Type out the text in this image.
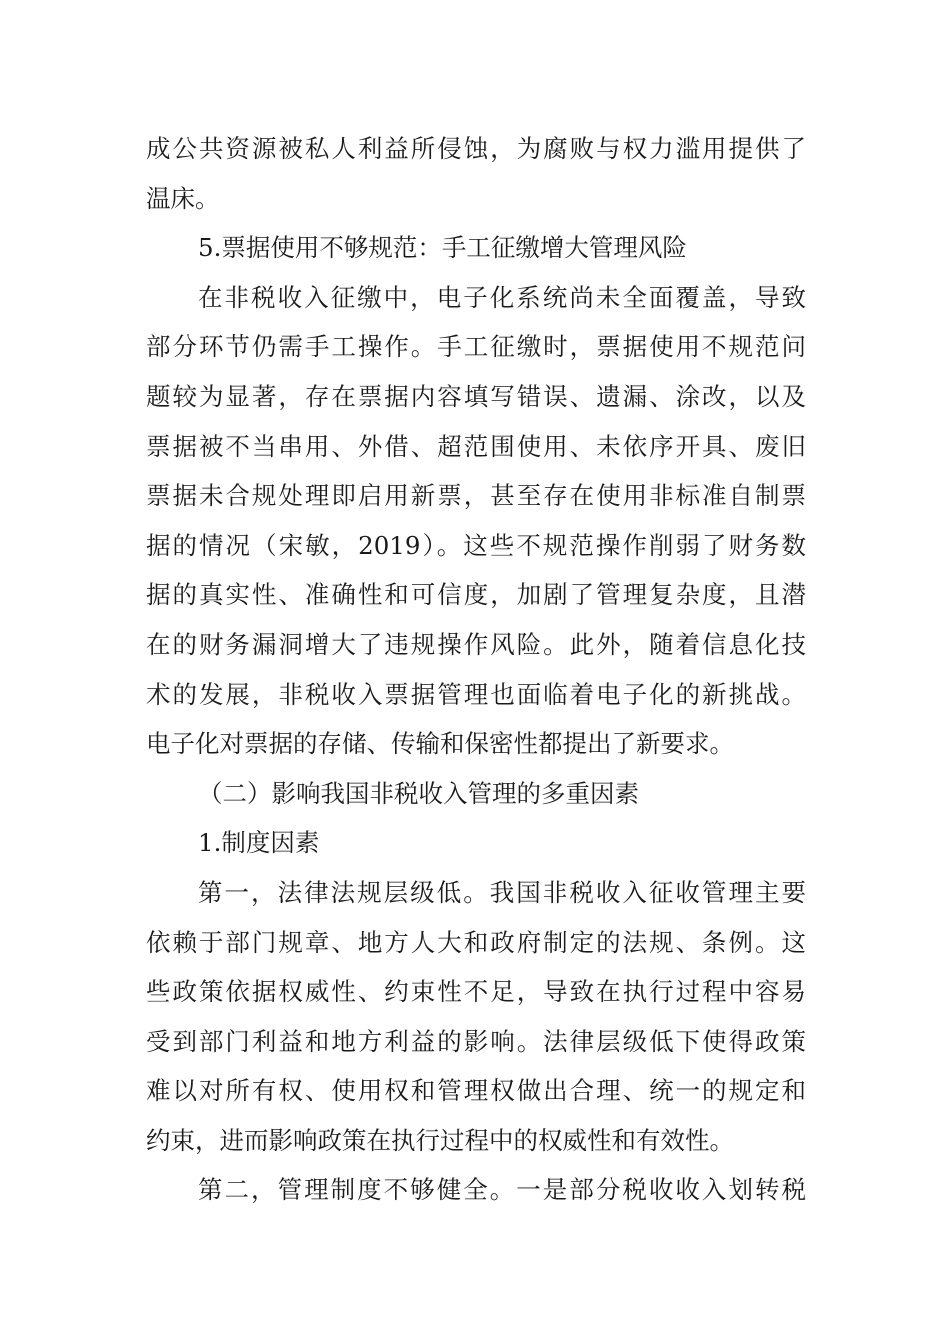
成公共资源被私人利益所侵蚀，为腐败与权力滥用提供了
温床。
5.票据使用不够规范：手工征缴增大管理风险
在非税收入征缴中，电子化系统尚未全面覆盖，导致
部分环节仍需手工操作。手工征缴时，票据使用不规范问
题较为显著，存在票据内容填写错误、遗漏、涂改，以及
票据被不当串用、外借、超范围使用、未依序开具、废旧
票据未合规处理即启用新票，甚至存在使用非标准自制票
据的情况（宋敏，2019）。这些不规范操作削弱了财务数
据的真实性、准确性和可信度，加剧了管理复杂度，且潜
在的财务漏洞增大了违规操作风险。此外，随着信息化技
术的发展，非税收入票据管理也面临着电子化的新挑战。
电子化对票据的存储、传输和保密性都提出了新要求。
（二）影响我国非税收入管理的多重因素
1.制度因素
第一，法律法规层级低。我国非税收入征收管理主要
依赖于部门规章、地方人大和政府制定的法规、条例。这
些政策依据权威性、约束性不足，导致在执行过程中容易
受到部门利益和地方利益的影响。法律层级低下使得政策
难以对所有权、使用权和管理权做出合理、统一的规定和
约束，进而影响政策在执行过程中的权威性和有效性。
第二，管理制度不够健全。一是部分税收收入划转税
